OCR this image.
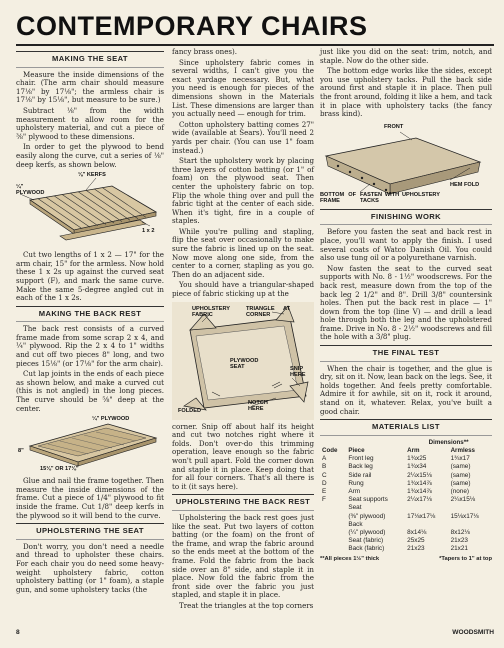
CONTEMPORARY CHAIRS
MAKING THE SEAT

Measure the inside dimensions of the chair. (The arm chair should measure 17⅛" by 17⅛"; the armless chair is 17⅛" by 15⅛", but measure to be sure.)

Subtract ⅛" from the width measurement to allow room for the upholstery material, and cut a piece of ⅜" plywood to these dimensions.

In order to get the plywood to bend easily along the curve, cut a series of ⅛" deep kerfs, as shown below.

¼" PLYWOOD
⅛" KERFS
1 x 2

Cut two lengths of 1 x 2 — 17" for the arm chair, 15" for the armless. Now hold these 1 x 2s up against the curved seat support (F), and mark the same curve. Make the same 5-degree angled cut in each of the 1 x 2s.

MAKING THE BACK REST

The back rest consists of a curved frame made from some scrap 2 x 4, and ¼" plywood. Rip the 2 x 4 to 1" widths and cut off two pieces 8" long, and two pieces 15⅛" (or 17⅛" for the arm chair).

Cut lap joints in the ends of each piece as shown below, and make a curved cut (this is not angled) in the long pieces. The curve should be ⅝" deep at the center.

¼" PLYWOOD
8"
15⅛" OR 17⅛"

Glue and nail the frame together. Then measure the inside dimensions of the frame. Cut a piece of 1/4" plywood to fit inside the frame. Cut 1/8" deep kerfs in the plywood so it will bend to the curve.

UPHOLSTERING THE SEAT

Don't worry, you don't need a needle and thread to upholster these chairs. For each chair you do need some heavy-weight upholstery fabric, cotton upholstery batting (or 1" foam), a staple gun, and some upholstery tacks (the

fancy brass ones).

Since upholstery fabric comes in several widths, I can't give you the exact yardage necessary. But, what you need is enough for pieces of the dimensions shown in the Materials List. These dimensions are larger than you actually need — enough for trim.

Cotton upholstery batting comes 27" wide (available at Sears). You'll need 2 yards per chair. (You can use 1" foam instead.)

Start the upholstery work by placing three layers of cotton batting (or 1" of foam) on the plywood seat. Then center the upholstery fabric on top. Flip the whole thing over and pull the fabric tight at the center of each side. When it's tight, fire in a couple of staples.

While you're pulling and stapling, flip the seat over occasionally to make sure the fabric is lined up on the seat. Now move along one side, from the center to a corner, stapling as you go. Then do an adjacent side.

You should have a triangular-shaped piece of fabric sticking up at the

UPHOLSTERY FABRIC
TRIANGLE AT CORNER
PLYWOOD SEAT	SNIP HERE
NOTCH HERE
FOLDED

corner. Snip off about half its height and cut two notches right where it folds. Don't over-do this trimming operation, leave enough so the fabric won't pull apart. Fold the corner down and staple it in place. Keep doing that for all four corners. That's all there is to it (it says here).

UPHOLSTERING THE BACK REST

Upholstering the back rest goes just like the seat. Put two layers of cotton batting (or the foam) on the front of the frame, and wrap the fabric around so the ends meet at the bottom of the frame. Fold the fabric from the back side over an 8" side, and staple it in place. Now fold the fabric from the front side over the fabric you just stapled, and staple it in place.

Treat the triangles at the top corners

just like you did on the seat: trim, notch, and staple. Now do the other side.

The bottom edge works like the sides, except you use upholstery tacks. Pull the back side around first and staple it in place. Then pull the front around, folding it like a hem, and tack it in place with upholstery tacks (the fancy brass kind).

FRONT
BOTTOM OF FRAME
FASTEN WITH UPHOLSTERY TACKS
HEM FOLD
FINISHING WORK

Before you fasten the seat and back rest in place, you'll want to apply the finish. I used several coats of Watco Danish Oil. You could also use tung oil or a polyurethane varnish.

Now fasten the seat to the curved seat supports with No. 8 - 1½" woodscrews. For the back rest, measure down from the top of the back leg 2 1/2" and 8". Drill 3/8" countersink holes. Then put the back rest in place — 1" down from the top (line V) — and drill a lead hole through both the leg and the upholstered frame. Drive in No. 8 - 2½" woodscrews and fill the hole with a 3/8" plug.

THE FINAL TEST

When the chair is together, and the glue is dry, sit on it. Now, lean back on the legs. See, it holds together. And feels pretty comfortable. Admire it for awhile, sit on it, rock it around, stand on it, whatever. Relax, you've built a good chair.

MATERIALS LIST
		Dimensions**	
Code	Piece	Arm	Armless
A	Front leg	1¾x25	1¾x17
B	Back leg	1¾x34	(same)
C	Side rail	2¼x15⅛	(same)
D	Rung	1¾x14⅞	(same)
E	Arm	1¾x14⅞	(none)
F	Seat supports	2¼x17⅛	2¼x15⅛
	Seat		
	(⅜" plywood)	17⅛x17⅛	15⅛x17⅛
	Back		
	(¼" plywood)	8x14⅛	8x12⅛
	Seat (fabric)	25x25	21x23
	Back (fabric)	21x23	21x21
**All pieces 1½" thick	*Tapers to 1" at top
8	WOODSMITH
